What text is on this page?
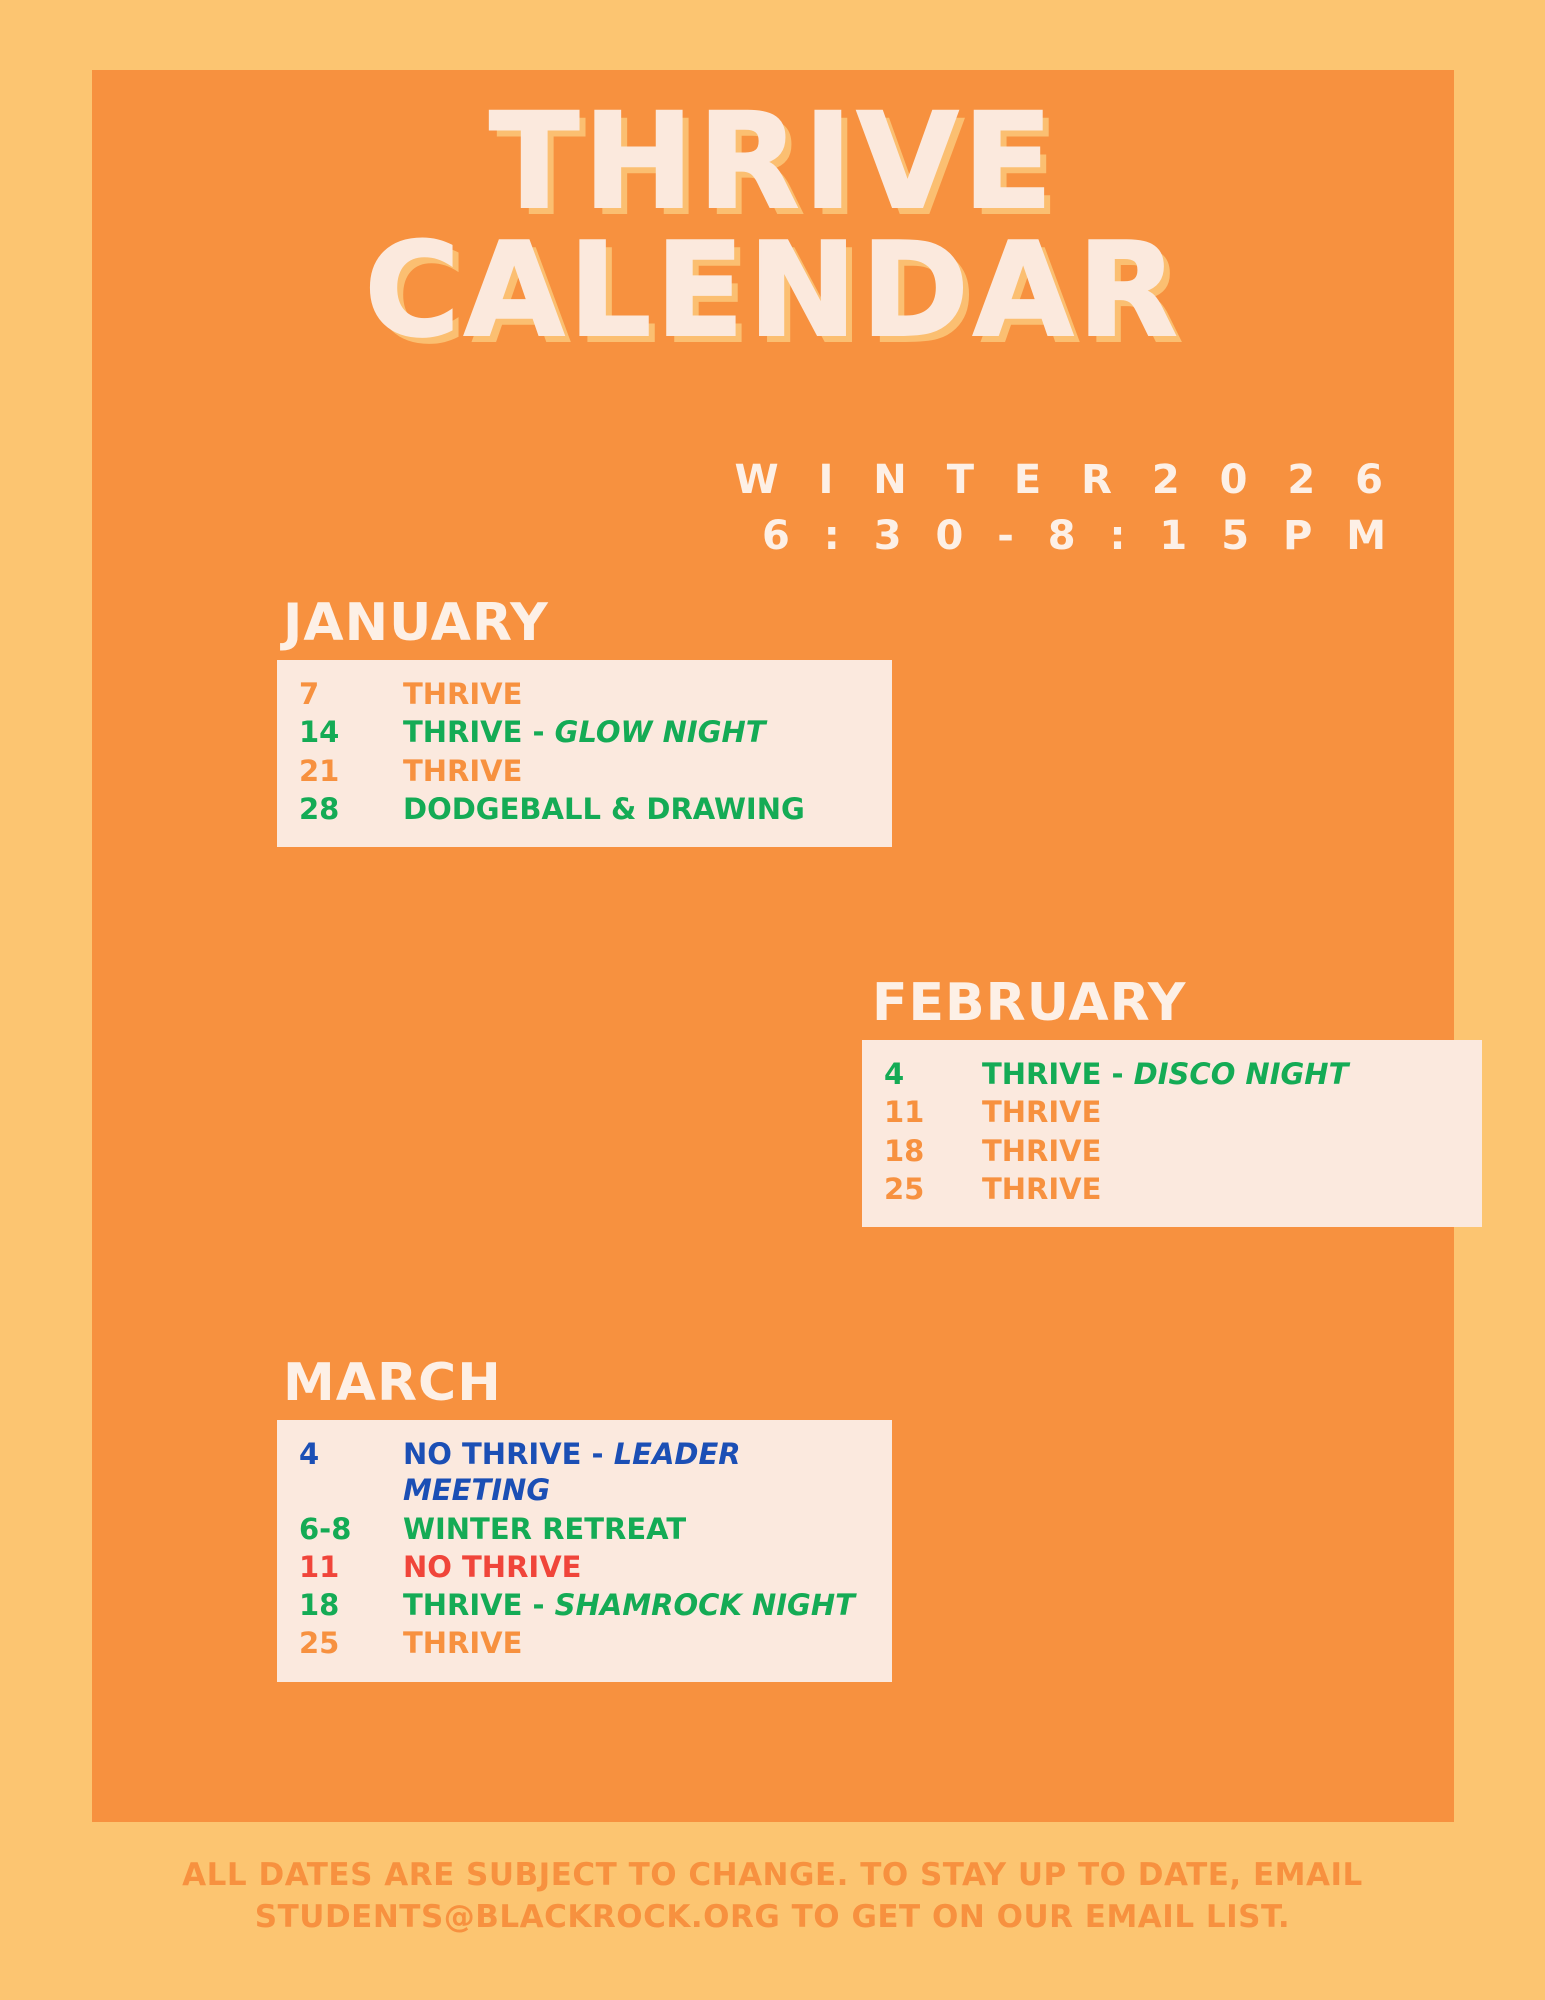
THRIVE
CALENDAR
W I N T E R 2 0 2 6
6 : 3 0 - 8 : 1 5 P M
JANUARY
7	THRIVE
14	THRIVE - GLOW NIGHT
21	THRIVE
28	DODGEBALL & DRAWING
FEBRUARY
4	THRIVE - DISCO NIGHT
11	THRIVE
18	THRIVE
25	THRIVE
MARCH
4	NO THRIVE - LEADER MEETING
6-8	WINTER RETREAT
11	NO THRIVE
18	THRIVE - SHAMROCK NIGHT
25	THRIVE
ALL DATES ARE SUBJECT TO CHANGE. TO STAY UP TO DATE, EMAIL
STUDENTS@BLACKROCK.ORG TO GET ON OUR EMAIL LIST.
